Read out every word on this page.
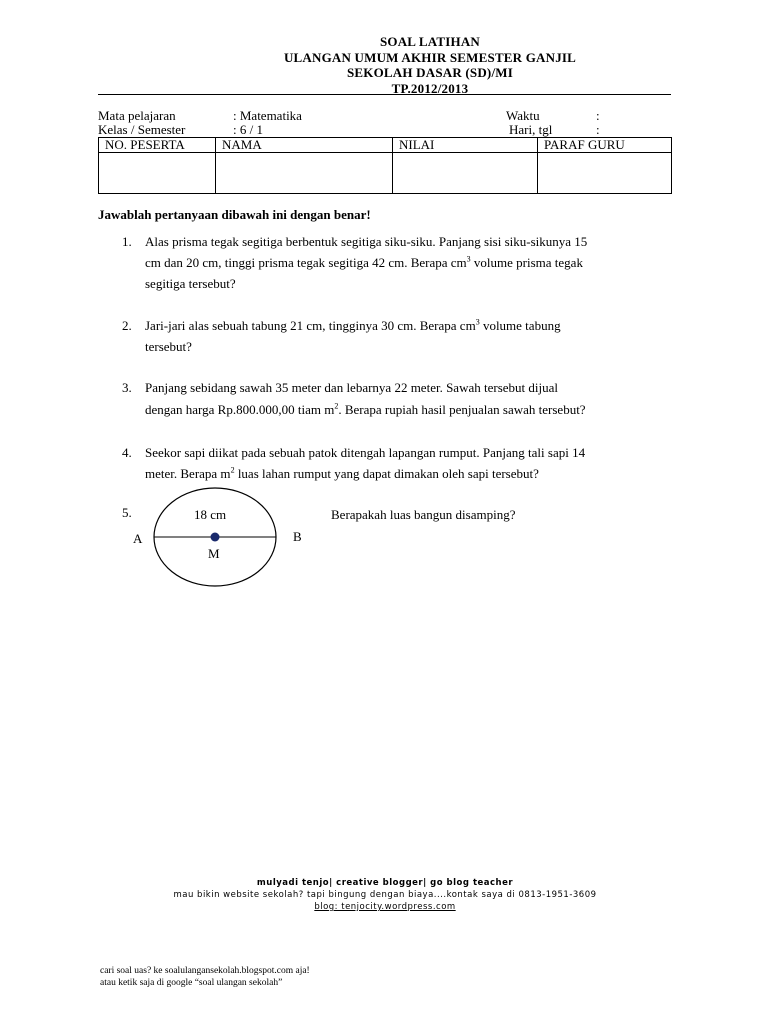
SOAL LATIHAN
ULANGAN UMUM AKHIR SEMESTER GANJIL
SEKOLAH DASAR (SD)/MI
TP.2012/2013
Mata pelajaran	: Matematika
Kelas / Semester	: 6 / 1
Waktu	:
Hari, tgl	:
NO. PESERTA	NAMA	NILAI	PARAF GURU

Jawablah pertanyaan dibawah ini dengan benar!
1. Alas prisma tegak segitiga berbentuk segitiga siku-siku. Panjang sisi siku-sikunya 15
cm dan 20 cm, tinggi prisma tegak segitiga 42 cm. Berapa $cm^3$ volume prisma tegak
segitiga tersebut?
2. Jari-jari alas sebuah tabung 21 cm, tingginya 30 cm. Berapa $cm^3$ volume tabung
tersebut?
3. Panjang sebidang sawah 35 meter dan lebarnya 22 meter. Sawah tersebut dijual
dengan harga Rp.800.000,00 tiam $m^2$. Berapa rupiah hasil penjualan sawah tersebut?
4. Seekor sapi diikat pada sebuah patok ditengah lapangan rumput. Panjang tali sapi 14
meter. Berapa $m^2$ luas lahan rumput yang dapat dimakan oleh sapi tersebut?
5.	Berapakah luas bangun disamping?
18 cm
A	B
M
mulyadi tenjo| creative blogger| go blog teacher
mau bikin website sekolah? tapi bingung dengan biaya....kontak saya di 0813-1951-3609
blog: tenjocity.wordpress.com
cari soal uas? ke soalulangansekolah.blogspot.com aja!
atau ketik saja di google “soal ulangan sekolah”
